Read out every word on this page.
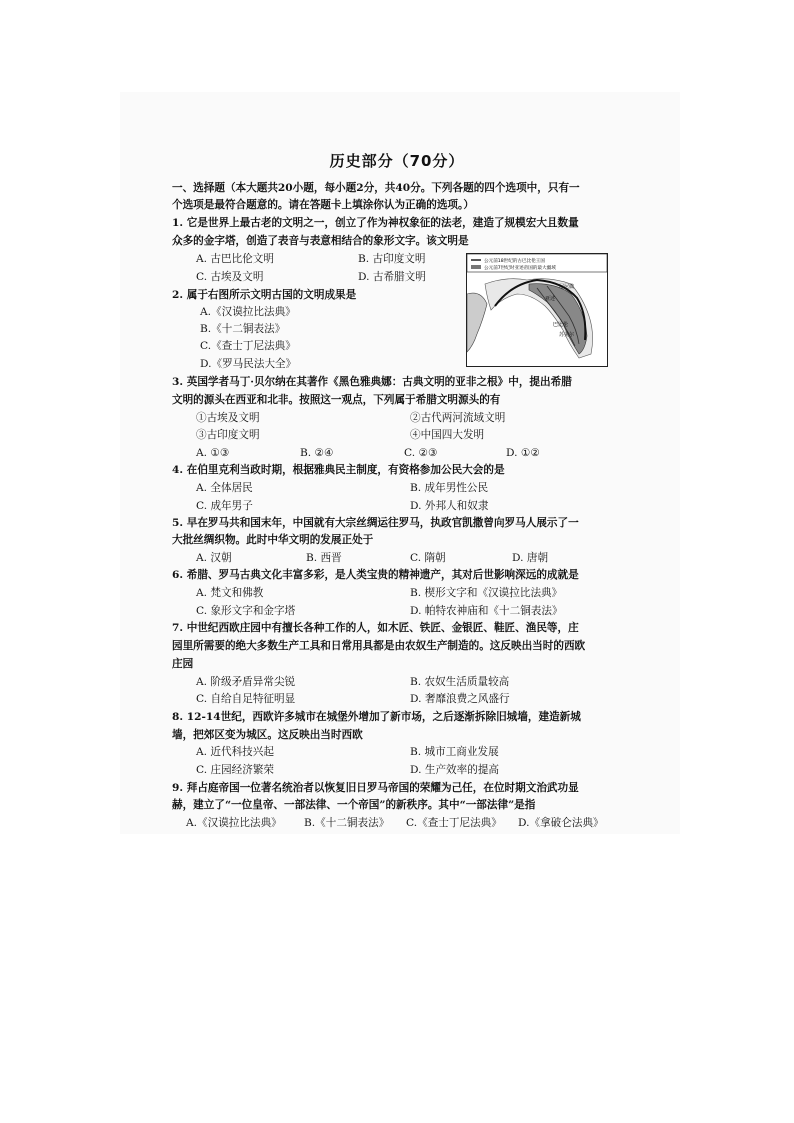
历史部分（70分）
一、选择题（本大题共20小题，每小题2分，共40分。下列各题的四个选项中，只有一
个选项是最符合题意的。请在答题卡上填涂你认为正确的选项。）
1. 它是世界上最古老的文明之一，创立了作为神权象征的法老，建造了规模宏大且数量
众多的金字塔，创造了表音与表意相结合的象形文字。该文明是
A. 古巴比伦文明	B. 古印度文明
C. 古埃及文明	D. 古希腊文明
公元前18世纪的古巴比伦王国
公元前7世纪时亚述帝国的最大疆域
尼尼微
亚述
巴比伦
苏美尔
2. 属于右图所示文明古国的文明成果是
A.《汉谟拉比法典》
B.《十二铜表法》
C.《查士丁尼法典》
D.《罗马民法大全》
3. 英国学者马丁·贝尔纳在其著作《黑色雅典娜：古典文明的亚非之根》中，提出希腊
文明的源头在西亚和北非。按照这一观点，下列属于希腊文明源头的有
①古埃及文明	②古代两河流域文明
③古印度文明	④中国四大发明
A. ①③	B. ②④	C. ②③	D. ①②
4. 在伯里克利当政时期，根据雅典民主制度，有资格参加公民大会的是
A. 全体居民	B. 成年男性公民
C. 成年男子	D. 外邦人和奴隶
5. 早在罗马共和国末年，中国就有大宗丝绸运往罗马，执政官凯撒曾向罗马人展示了一
大批丝绸织物。此时中华文明的发展正处于
A. 汉朝	B. 西晋	C. 隋朝	D. 唐朝
6. 希腊、罗马古典文化丰富多彩，是人类宝贵的精神遗产，其对后世影响深远的成就是
A. 梵文和佛教	B. 楔形文字和《汉谟拉比法典》
C. 象形文字和金字塔	D. 帕特农神庙和《十二铜表法》
7. 中世纪西欧庄园中有擅长各种工作的人，如木匠、铁匠、金银匠、鞋匠、渔民等，庄
园里所需要的绝大多数生产工具和日常用具都是由农奴生产制造的。这反映出当时的西欧
庄园
A. 阶级矛盾异常尖锐	B. 农奴生活质量较高
C. 自给自足特征明显	D. 奢靡浪费之风盛行
8. 12-14世纪，西欧许多城市在城堡外增加了新市场，之后逐渐拆除旧城墙，建造新城
墙，把郊区变为城区。这反映出当时西欧
A. 近代科技兴起	B. 城市工商业发展
C. 庄园经济繁荣	D. 生产效率的提高
9. 拜占庭帝国一位著名统治者以恢复旧日罗马帝国的荣耀为己任，在位时期文治武功显
赫，建立了“一位皇帝、一部法律、一个帝国”的新秩序。其中“一部法律”是指
A.《汉谟拉比法典》 B.《十二铜表法》 C.《查士丁尼法典》 D.《拿破仑法典》
